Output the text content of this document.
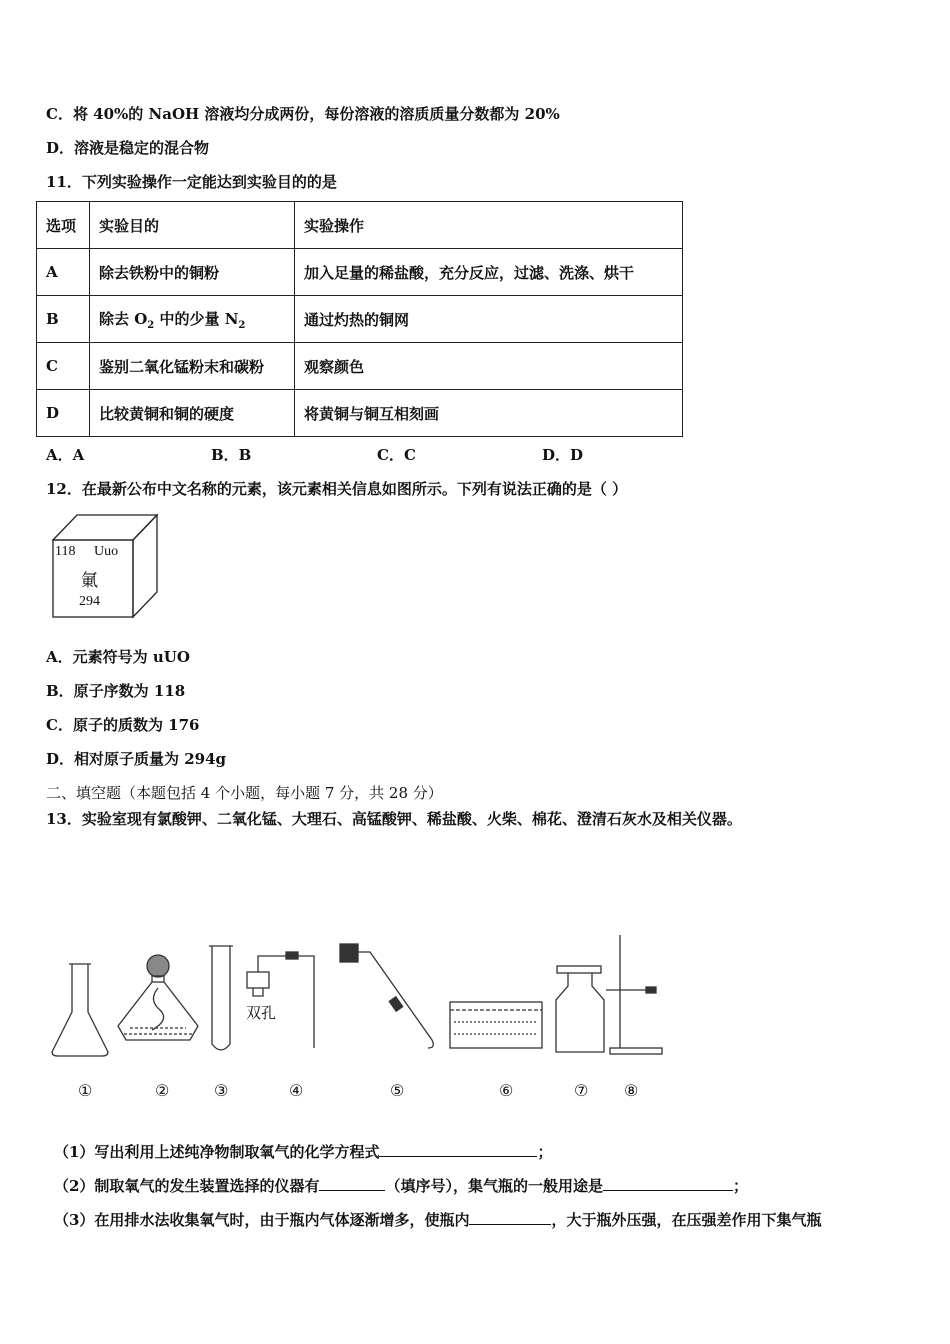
C．将 40%的 NaOH 溶液均分成两份，每份溶液的溶质质量分数都为 20%
D．溶液是稳定的混合物
11．下列实验操作一定能达到实验目的的是
选项	实验目的	实验操作
A	除去铁粉中的铜粉	加入足量的稀盐酸，充分反应，过滤、洗涤、烘干
B	除去 $O_2$ 中的少量 $N_2$	通过灼热的铜网
C	鉴别二氧化锰粉末和碳粉	观察颜色
D	比较黄铜和铜的硬度	将黄铜与铜互相刻画
A．A	B．B	C．C	D．D
12．在最新公布中文名称的元素，该元素相关信息如图所示。下列有说法正确的是（ ）
118 Uuo
氭
294
A．元素符号为 uUO
B．原子序数为 118
C．原子的质数为 176
D．相对原子质量为 294g
二、填空题（本题包括 4 个小题，每小题 7 分，共 28 分）
13．实验室现有氯酸钾、二氧化锰、大理石、高锰酸钾、稀盐酸、火柴、棉花、澄清石灰水及相关仪器。
双孔
①	②	③	④	⑤	⑥	⑦ ⑧
（1）写出利用上述纯净物制取氧气的化学方程式	；
（2）制取氧气的发生装置选择的仪器有	（填序号），集气瓶的一般用途是	；
（3）在用排水法收集氧气时，由于瓶内气体逐渐增多，使瓶内	，大于瓶外压强，在压强差作用下集气瓶
